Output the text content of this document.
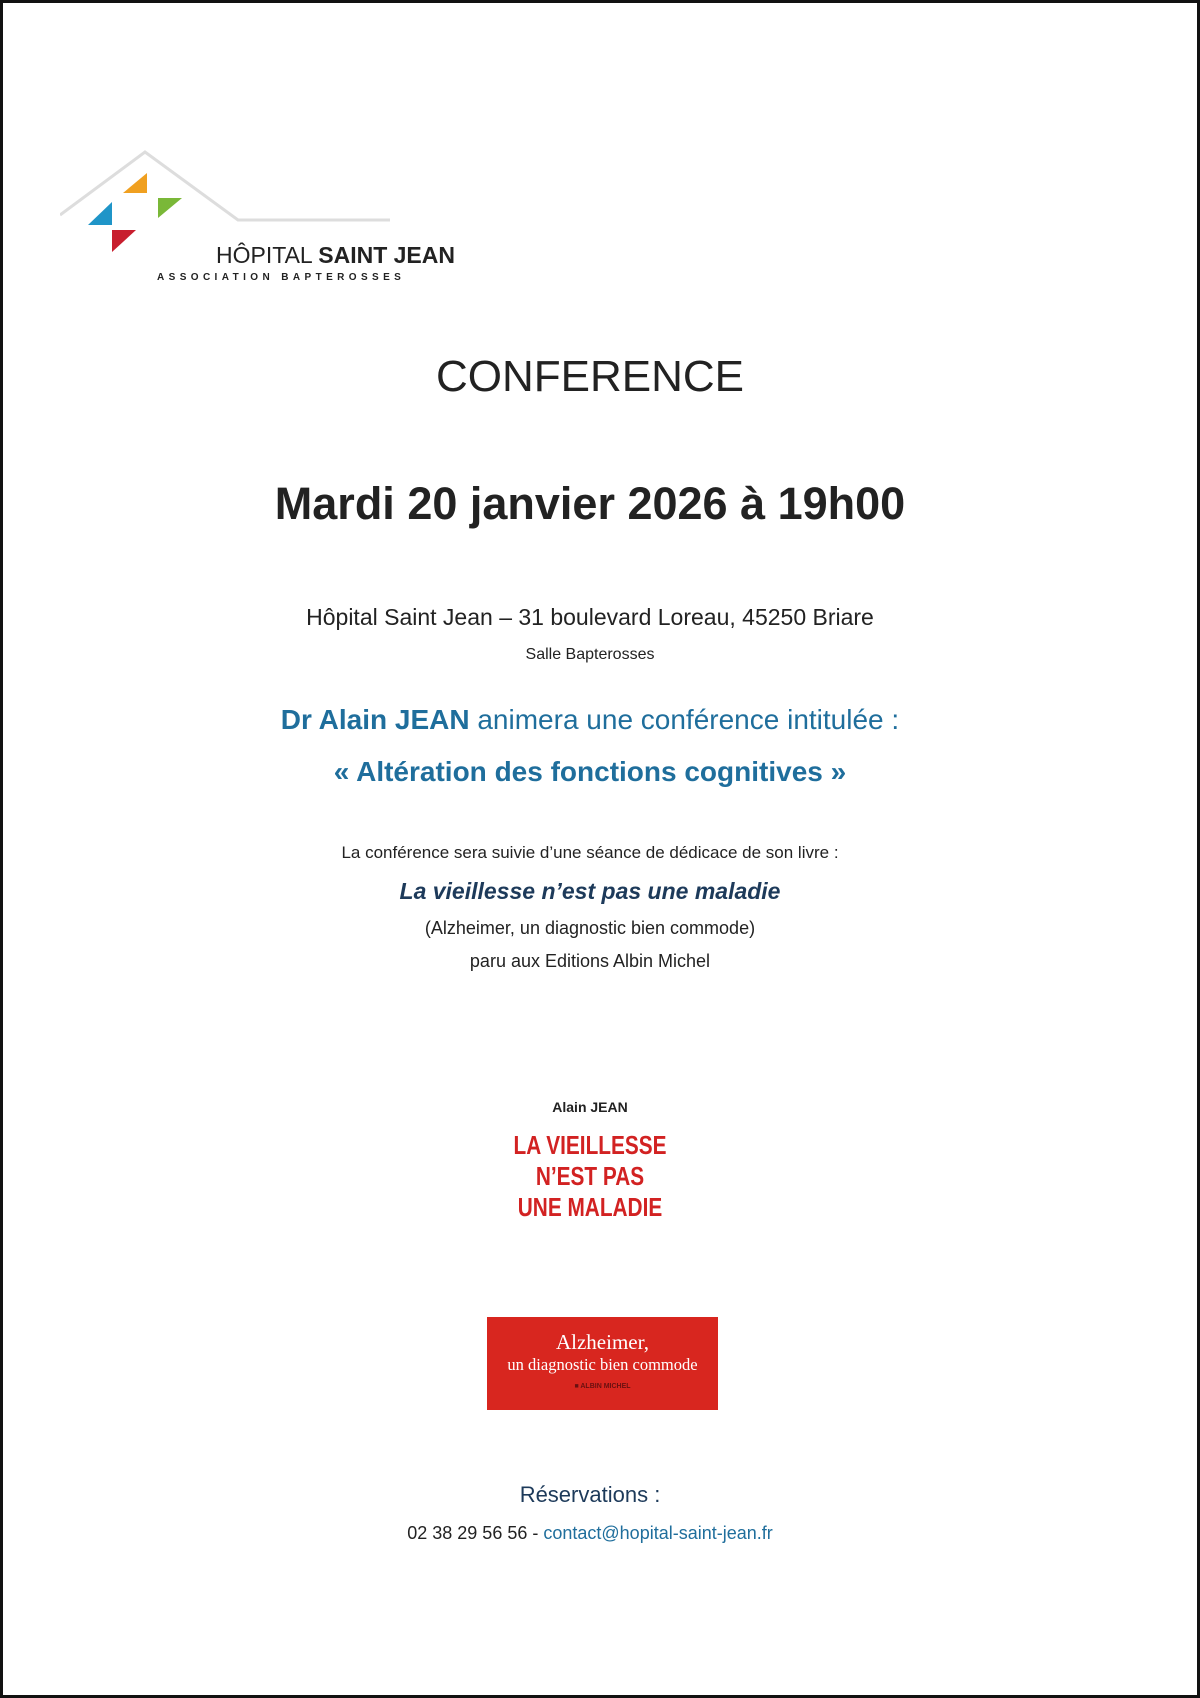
HÔPITAL SAINT JEAN
ASSOCIATION BAPTEROSSES
CONFERENCE
Mardi 20 janvier 2026 à 19h00
Hôpital Saint Jean – 31 boulevard Loreau, 45250 Briare
Salle Bapterosses
Dr Alain JEAN animera une conférence intitulée :
« Altération des fonctions cognitives »
La conférence sera suivie d’une séance de dédicace de son livre :
La vieillesse n’est pas une maladie
(Alzheimer, un diagnostic bien commode)
paru aux Editions Albin Michel
Alain JEAN
LA VIEILLESSE
N’EST PAS
UNE MALADIE
Alzheimer,
un diagnostic bien commode
■ ALBIN MICHEL
Réservations :
02 38 29 56 56 - contact@hopital-saint-jean.fr
